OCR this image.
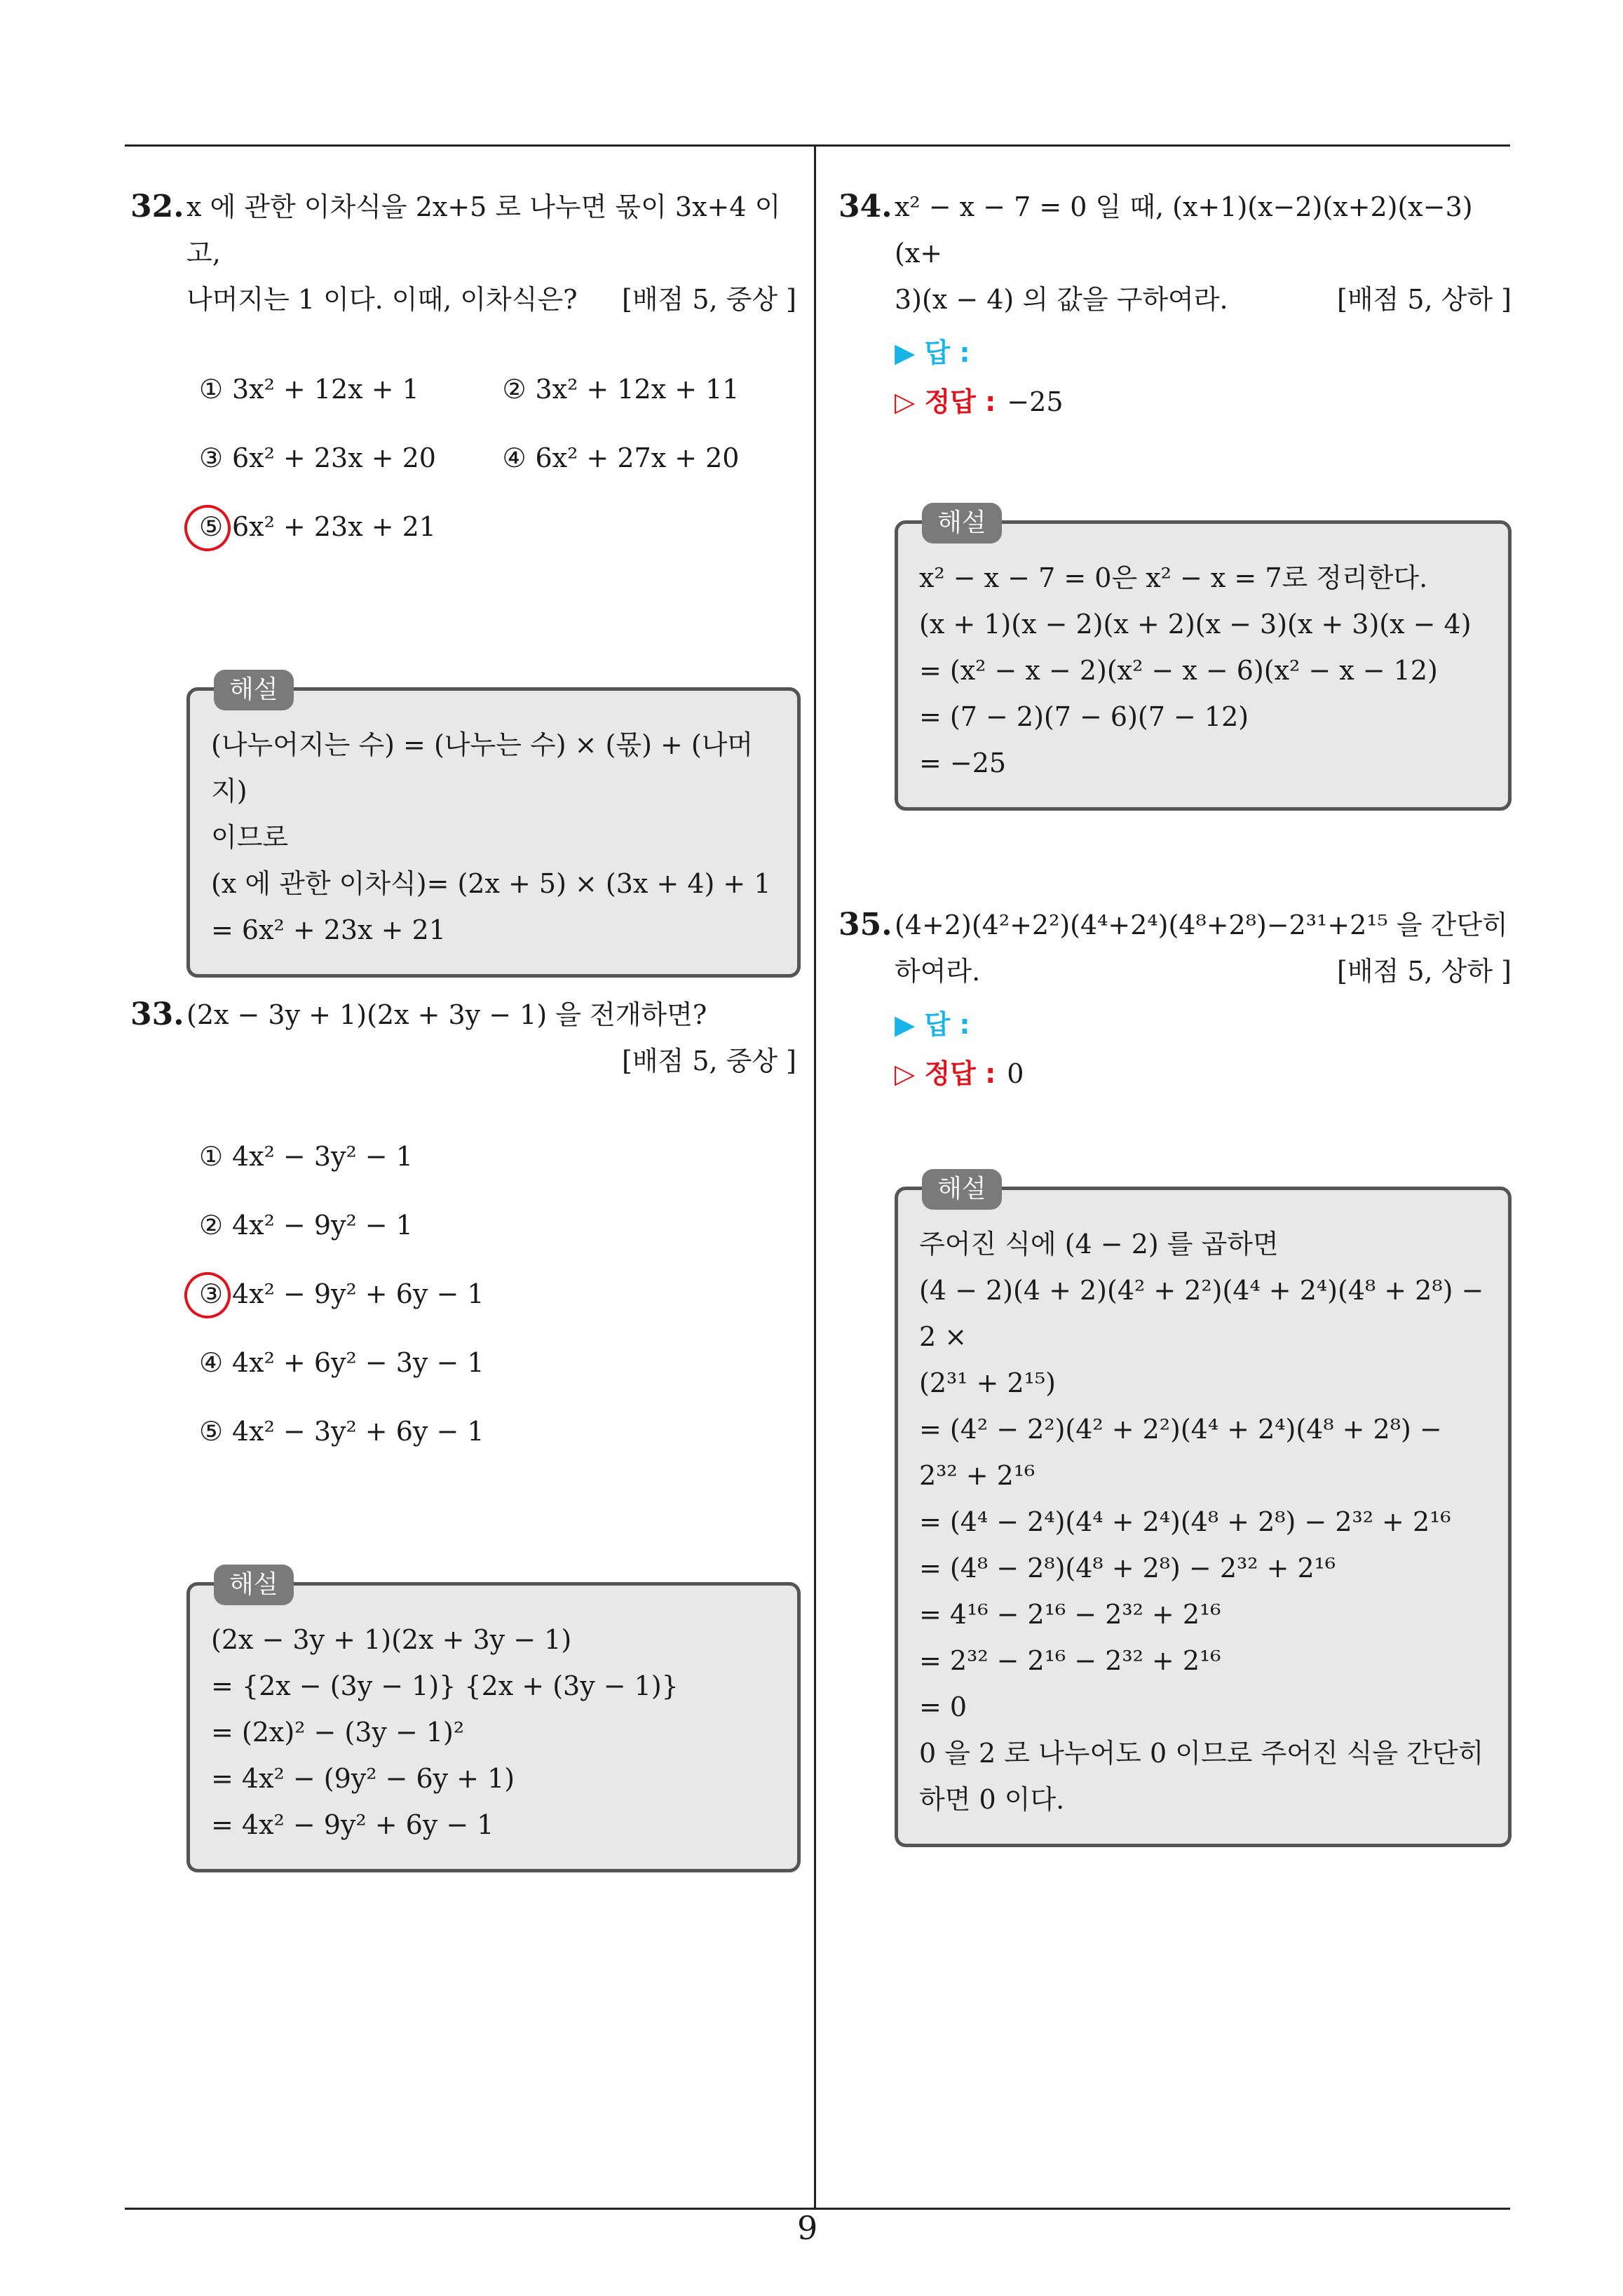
32. x 에 관한 이차식을 2x+5 로 나누면 몫이 3x+4 이고,
나머지는 1 이다. 이때, 이차식은? [배점 5, 중상 ]
① 3x² + 12x + 1	② 3x² + 12x + 11
③ 6x² + 23x + 20	④ 6x² + 27x + 20
⑤ 6x² + 23x + 21
해설
(나누어지는 수) = (나누는 수) × (몫) + (나머지)
이므로
(x 에 관한 이차식)= (2x + 5) × (3x + 4) + 1
= 6x² + 23x + 21
33. (2x − 3y + 1)(2x + 3y − 1) 을 전개하면?
[배점 5, 중상 ]
① 4x² − 3y² − 1
② 4x² − 9y² − 1
③ 4x² − 9y² + 6y − 1
④ 4x² + 6y² − 3y − 1
⑤ 4x² − 3y² + 6y − 1
해설
(2x − 3y + 1)(2x + 3y − 1)
= {2x − (3y − 1)} {2x + (3y − 1)}
= (2x)² − (3y − 1)²
= 4x² − (9y² − 6y + 1)
= 4x² − 9y² + 6y − 1
34. x² − x − 7 = 0 일 때, (x+1)(x−2)(x+2)(x−3)(x+
3)(x − 4) 의 값을 구하여라.	[배점 5, 상하 ]
▶ 답 :
▷ 정답 : −25
해설
x² − x − 7 = 0은 x² − x = 7로 정리한다.
(x + 1)(x − 2)(x + 2)(x − 3)(x + 3)(x − 4)
= (x² − x − 2)(x² − x − 6)(x² − x − 12)
= (7 − 2)(7 − 6)(7 − 12)
= −25
35. (4+2)(4²+2²)(4⁴+2⁴)(4⁸+2⁸)−2³¹+2¹⁵ 을 간단히
하여라.	[배점 5, 상하 ]
▶ 답 :
▷ 정답 : 0
해설
주어진 식에 (4 − 2) 를 곱하면
(4 − 2)(4 + 2)(4² + 2²)(4⁴ + 2⁴)(4⁸ + 2⁸) − 2 ×
(2³¹ + 2¹⁵)
= (4² − 2²)(4² + 2²)(4⁴ + 2⁴)(4⁸ + 2⁸) − 2³² + 2¹⁶
= (4⁴ − 2⁴)(4⁴ + 2⁴)(4⁸ + 2⁸) − 2³² + 2¹⁶
= (4⁸ − 2⁸)(4⁸ + 2⁸) − 2³² + 2¹⁶
= 4¹⁶ − 2¹⁶ − 2³² + 2¹⁶
= 2³² − 2¹⁶ − 2³² + 2¹⁶
= 0
0 을 2 로 나누어도 0 이므로 주어진 식을 간단히
하면 0 이다.
9
